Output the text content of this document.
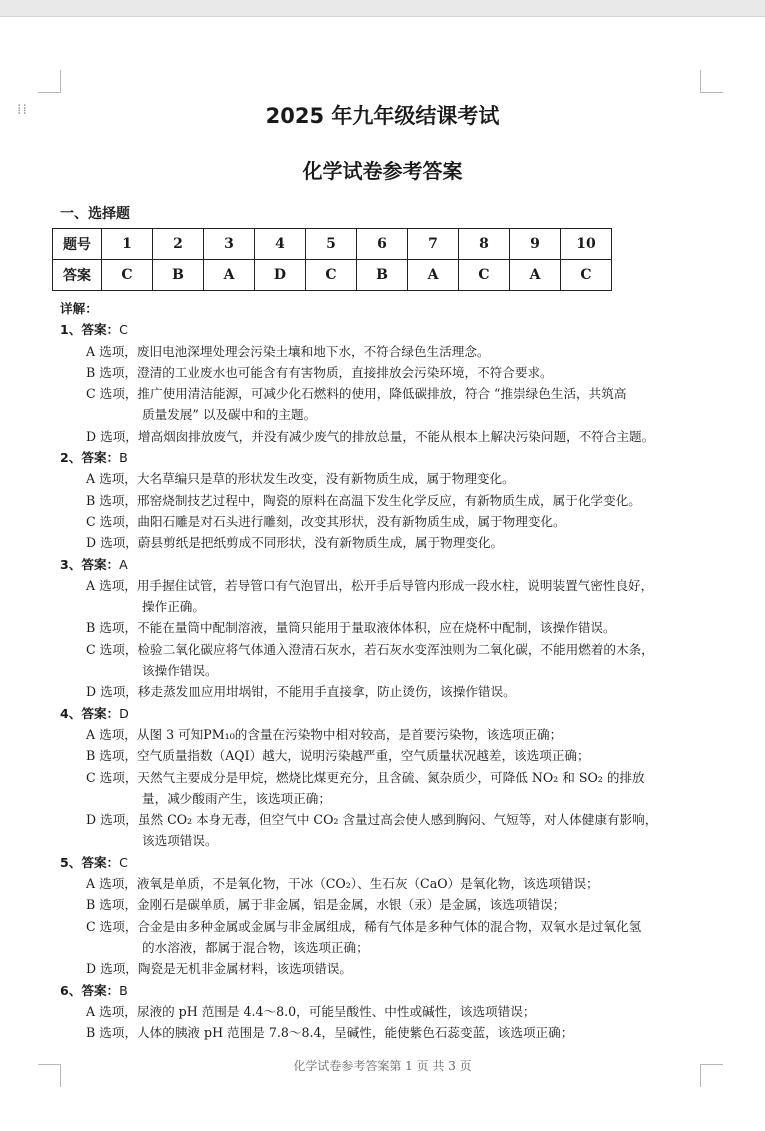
⁞⁞	2025 年九年级结课考试
化学试卷参考答案
一、选择题
题号	1	2	3	4	5	6	7	8	9	10
答案	C	B	A	D	C	B	A	C	A	C
详解：
1、答案：C
A 选项，废旧电池深埋处理会污染土壤和地下水，不符合绿色生活理念。
B 选项，澄清的工业废水也可能含有有害物质，直接排放会污染环境，不符合要求。
C 选项，推广使用清洁能源，可减少化石燃料的使用，降低碳排放，符合 “推崇绿色生活，共筑高
质量发展” 以及碳中和的主题。
D 选项，增高烟囱排放废气，并没有减少废气的排放总量，不能从根本上解决污染问题，不符合主题。
2、答案：B
A 选项，大名草编只是草的形状发生改变，没有新物质生成，属于物理变化。
B 选项，邢窑烧制技艺过程中，陶瓷的原料在高温下发生化学反应，有新物质生成，属于化学变化。
C 选项，曲阳石雕是对石头进行雕刻，改变其形状，没有新物质生成，属于物理变化。
D 选项，蔚县剪纸是把纸剪成不同形状，没有新物质生成，属于物理变化。
3、答案：A
A 选项，用手握住试管，若导管口有气泡冒出，松开手后导管内形成一段水柱，说明装置气密性良好，
操作正确。
B 选项，不能在量筒中配制溶液，量筒只能用于量取液体体积，应在烧杯中配制，该操作错误。
C 选项，检验二氧化碳应将气体通入澄清石灰水，若石灰水变浑浊则为二氧化碳，不能用燃着的木条，
该操作错误。
D 选项，移走蒸发皿应用坩埚钳，不能用手直接拿，防止烫伤，该操作错误。
4、答案：D
A 选项，从图 3 可知PM₁₀的含量在污染物中相对较高，是首要污染物，该选项正确；
B 选项，空气质量指数（AQI）越大，说明污染越严重，空气质量状况越差，该选项正确；
C 选项，天然气主要成分是甲烷，燃烧比煤更充分，且含硫、氮杂质少，可降低 NO₂ 和 SO₂ 的排放
量，减少酸雨产生，该选项正确；
D 选项，虽然 CO₂ 本身无毒，但空气中 CO₂ 含量过高会使人感到胸闷、气短等，对人体健康有影响，
该选项错误。
5、答案：C
A 选项，液氧是单质，不是氧化物，干冰（CO₂）、生石灰（CaO）是氧化物，该选项错误；
B 选项，金刚石是碳单质，属于非金属，铝是金属，水银（汞）是金属，该选项错误；
C 选项，合金是由多种金属或金属与非金属组成，稀有气体是多种气体的混合物，双氧水是过氧化氢
的水溶液，都属于混合物，该选项正确；
D 选项，陶瓷是无机非金属材料，该选项错误。
6、答案：B
A 选项，尿液的 pH 范围是 4.4～8.0，可能呈酸性、中性或碱性，该选项错误；
B 选项，人体的胰液 pH 范围是 7.8～8.4，呈碱性，能使紫色石蕊变蓝，该选项正确；
化学试卷参考答案第 1 页 共 3 页
